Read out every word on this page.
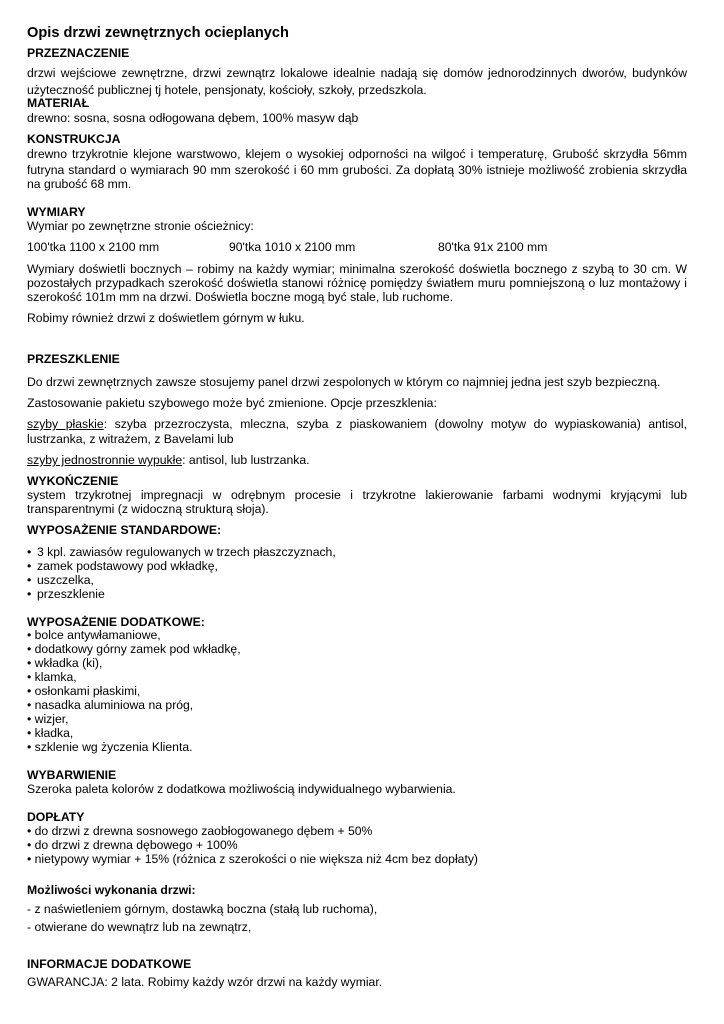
Opis drzwi zewnętrznych ocieplanych
PRZEZNACZENIE
drzwi wejściowe zewnętrzne, drzwi zewnątrz lokalowe idealnie nadają się domów jednorodzinnych dworów, budynków
użyteczność publicznej tj hotele, pensjonaty, kościoły, szkoły, przedszkola.
MATERIAŁ
drewno: sosna, sosna odłogowana dębem, 100% masyw dąb
KONSTRUKCJA
drewno trzykrotnie klejone warstwowo, klejem o wysokiej odporności na wilgoć i temperaturę, Grubość skrzydła 56mm
futryna standard o wymiarach 90 mm szerokość i 60 mm grubości. Za dopłatą 30% istnieje możliwość zrobienia skrzydła
na grubość 68 mm.
WYMIARY
Wymiar po zewnętrzne stronie ościeżnicy:
100'tka 1100 x 2100 mm	90'tka 1010 x 2100 mm	80'tka 91x 2100 mm
Wymiary doświetli bocznych – robimy na każdy wymiar; minimalna szerokość doświetla bocznego z szybą to 30 cm. W
pozostałych przypadkach szerokość doświetla stanowi różnicę pomiędzy światłem muru pomniejszoną o luz montażowy i
szerokość 101m mm na drzwi. Doświetla boczne mogą być stale, lub ruchome.
Robimy również drzwi z doświetlem górnym w łuku.
PRZESZKLENIE
Do drzwi zewnętrznych zawsze stosujemy panel drzwi zespolonych w którym co najmniej jedna jest szyb bezpieczną.
Zastosowanie pakietu szybowego może być zmienione. Opcje przeszklenia:
szyby płaskie: szyba przezroczysta, mleczna, szyba z piaskowaniem (dowolny motyw do wypiaskowania) antisol,
lustrzanka, z witrażem, z Bavelami lub
szyby jednostronnie wypukłe: antisol, lub lustrzanka.
WYKOŃCZENIE
system trzykrotnej impregnacji w odrębnym procesie i trzykrotne lakierowanie farbami wodnymi kryjącymi lub
transparentnymi (z widoczną strukturą słoja).
WYPOSAŻENIE STANDARDOWE:
• 3 kpl. zawiasów regulowanych w trzech płaszczyznach,
• zamek podstawowy pod wkładkę,
• uszczelka,
• przeszklenie
WYPOSAŻENIE DODATKOWE:
• bolce antywłamaniowe,
• dodatkowy górny zamek pod wkładkę,
• wkładka (ki),
• klamka,
• osłonkami płaskimi,
• nasadka aluminiowa na próg,
• wizjer,
• kładka,
• szklenie wg życzenia Klienta.
WYBARWIENIE
Szeroka paleta kolorów z dodatkowa możliwością indywidualnego wybarwienia.
DOPŁATY
• do drzwi z drewna sosnowego zaobłogowanego dębem + 50%
• do drzwi z drewna dębowego + 100%
• nietypowy wymiar + 15% (różnica z szerokości o nie większa niż 4cm bez dopłaty)
Możliwości wykonania drzwi:
- z naświetleniem górnym, dostawką boczna (stałą lub ruchoma),
- otwierane do wewnątrz lub na zewnątrz,
INFORMACJE DODATKOWE
GWARANCJA: 2 lata. Robimy każdy wzór drzwi na każdy wymiar.
